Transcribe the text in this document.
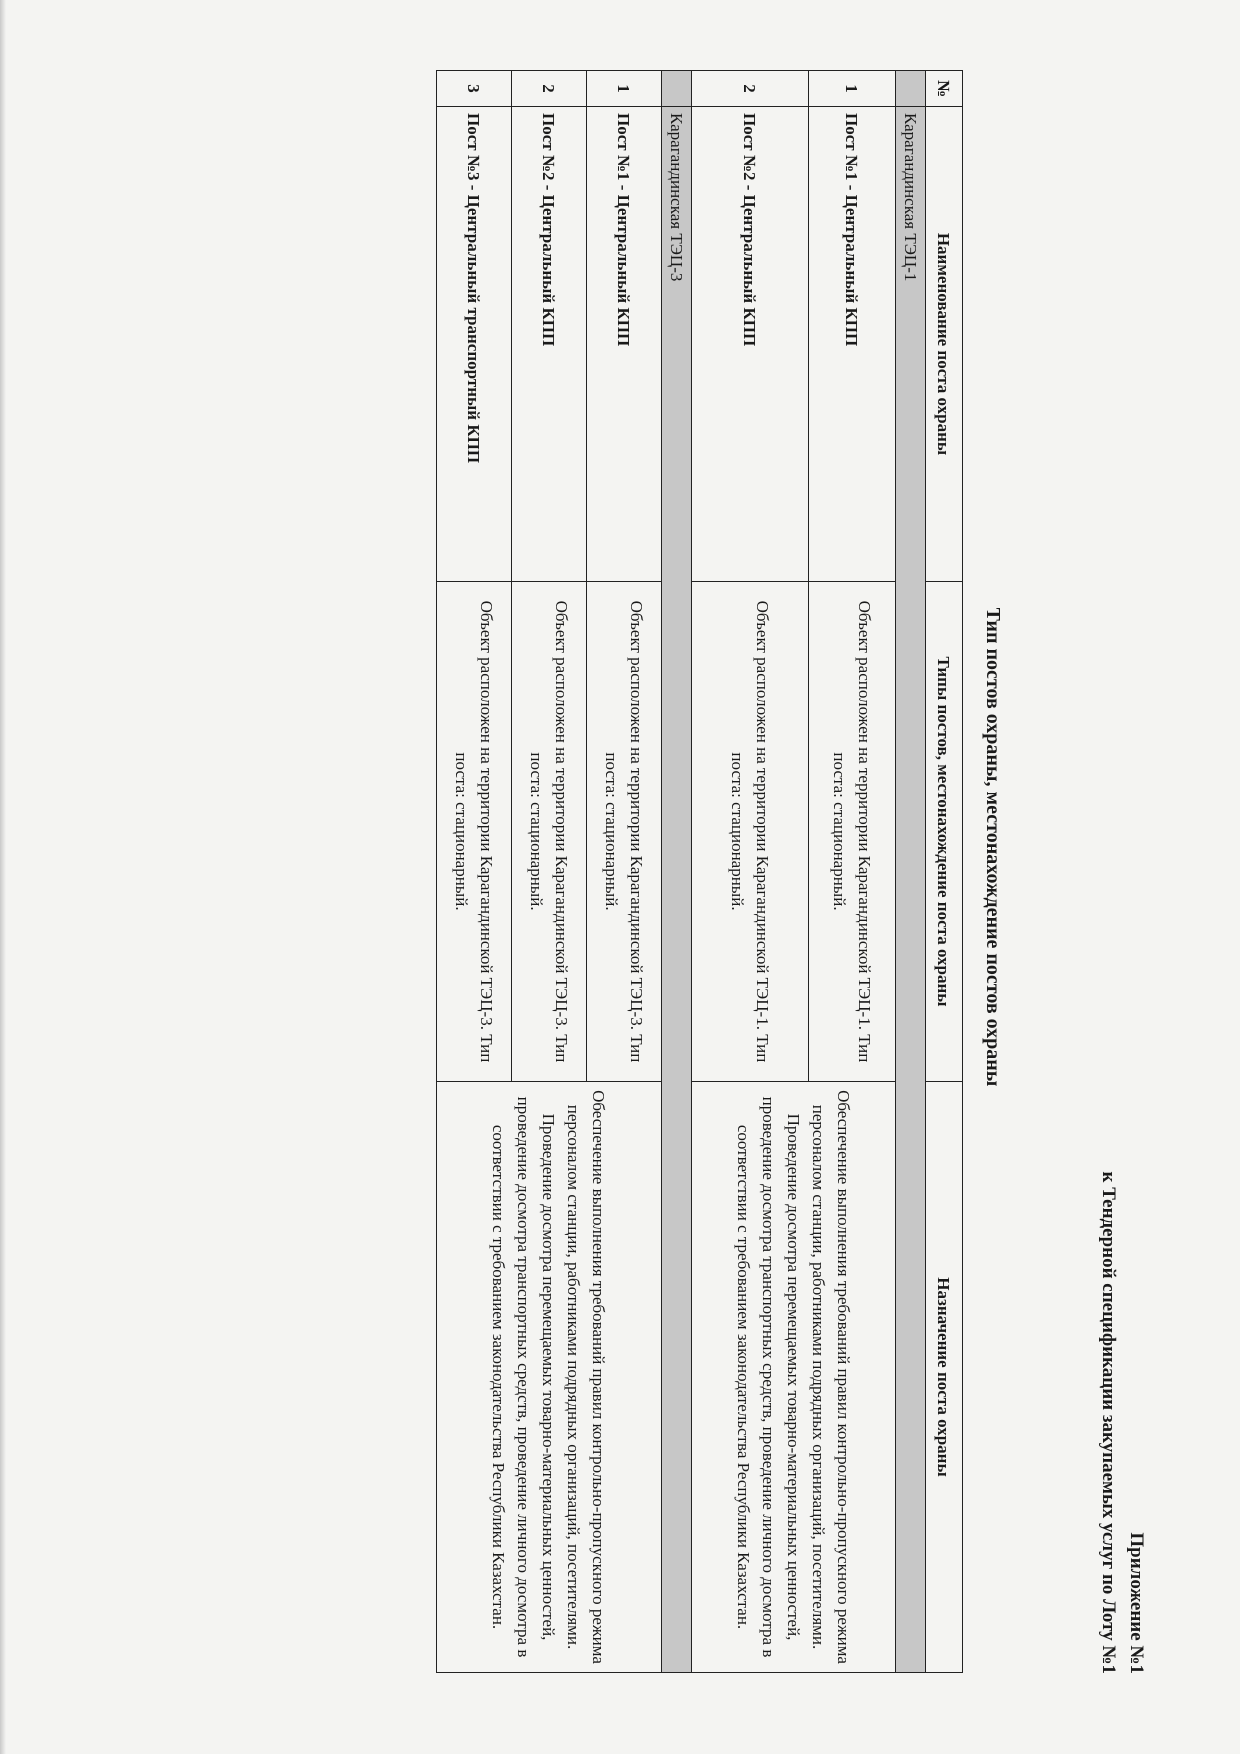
Приложение №1
к Тендерной спецификации закупаемых услуг по Лоту №1
Тип постов охраны, местонахождение постов охраны
№	Наименование поста охраны	Типы постов, местонахождение поста охраны	Назначение поста охраны
	Карагандинская ТЭЦ-1		
1	Пост №1 - Центральный КПП	Объект расположен на территории Карагандинской ТЭЦ-1. Тип поста: стационарный.	Обеспечение выполнения требований правил контрольно-пропускного режима персоналом станции, работниками подрядных организаций, посетителями. Проведение досмотра перемещаемых товарно-материальных ценностей, проведение досмотра транспортных средств, проведение личного досмотра в соответствии с требованием законодательства Республики Казахстан.
2	Пост №2 - Центральный КПП	Объект расположен на территории Карагандинской ТЭЦ-1. Тип поста: стационарный.	
	Карагандинская ТЭЦ-3		
1	Пост №1 - Центральный КПП	Объект расположен на территории Карагандинской ТЭЦ-3. Тип поста: стационарный.	Обеспечение выполнения требований правил контрольно-пропускного режима персоналом станции, работниками подрядных организаций, посетителями. Проведение досмотра перемещаемых товарно-материальных ценностей, проведение досмотра транспортных средств, проведение личного досмотра в соответствии с требованием законодательства Республики Казахстан.
2	Пост №2 - Центральный КПП	Объект расположен на территории Карагандинской ТЭЦ-3. Тип поста: стационарный.	
3	Пост №3 - Центральный транспортный КПП	Объект расположен на территории Карагандинской ТЭЦ-3. Тип поста: стационарный.	
